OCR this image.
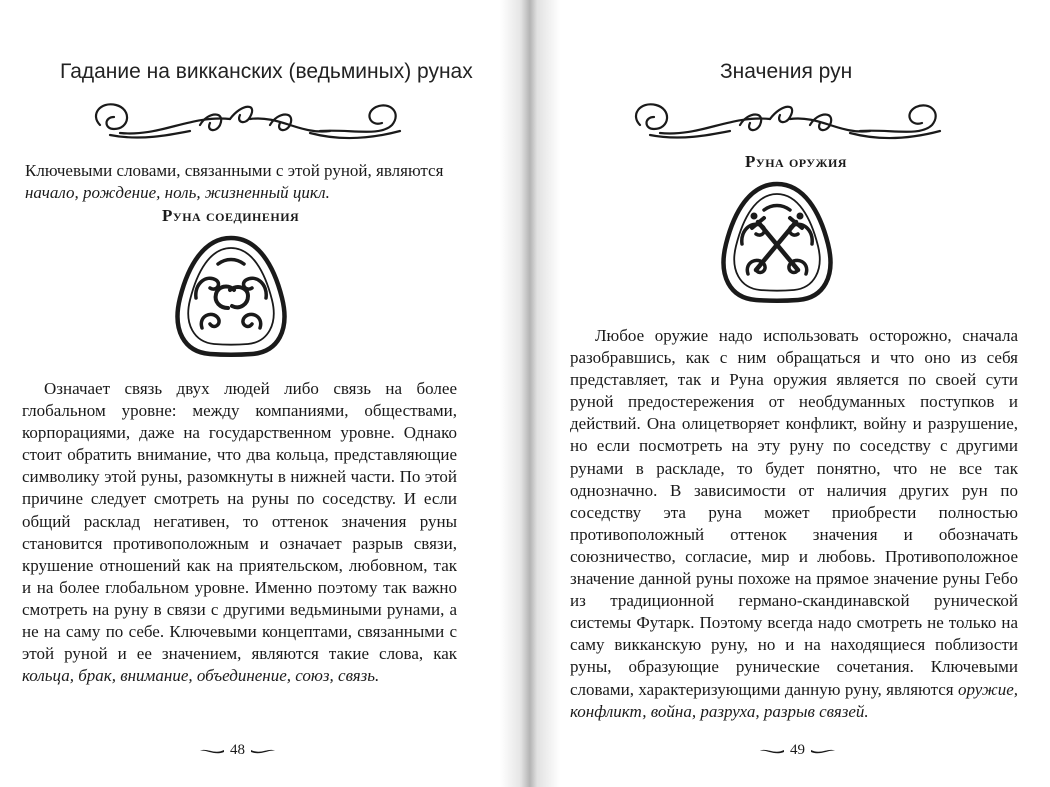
Гадание на викканских (ведьминых) рунах
Ключевыми словами, связанными с этой руной, являются начало, рождение, ноль, жизненный цикл.
Руна соединения
Означает связь двух людей либо связь на более глобальном уровне: между компаниями, обществами, корпорациями, даже на государственном уровне. Однако стоит обратить внимание, что два кольца, представляющие символику этой руны, разомкнуты в нижней части. По этой причине следует смотреть на руны по соседству. И если общий расклад негативен, то оттенок значения руны становится противоположным и означает разрыв связи, крушение отношений как на приятельском, любовном, так и на более глобальном уровне. Именно поэтому так важно смотреть на руну в связи с другими ведьмиными рунами, а не на саму по себе. Ключевыми концептами, связанными с этой руной и ее значением, являются такие слова, как кольца, брак, внимание, объединение, союз, связь.
48
Значения рун
Руна оружия
Любое оружие надо использовать осторожно, сначала разобравшись, как с ним обращаться и что оно из себя представляет, так и Руна оружия является по своей сути руной предостережения от необдуманных поступков и действий. Она олицетворяет конфликт, войну и разрушение, но если посмотреть на эту руну по соседству с другими рунами в раскладе, то будет понятно, что не все так однозначно. В зависимости от наличия других рун по соседству эта руна может приобрести полностью противоположный оттенок значения и обозначать союзничество, согласие, мир и любовь. Противоположное значение данной руны похоже на прямое значение руны Гебо из традиционной германо-скандинавской рунической системы Футарк. Поэтому всегда надо смотреть не только на саму викканскую руну, но и на находящиеся поблизости руны, образующие рунические сочетания. Ключевыми словами, характеризующими данную руну, являются оружие, конфликт, война, разруха, разрыв связей.
49
